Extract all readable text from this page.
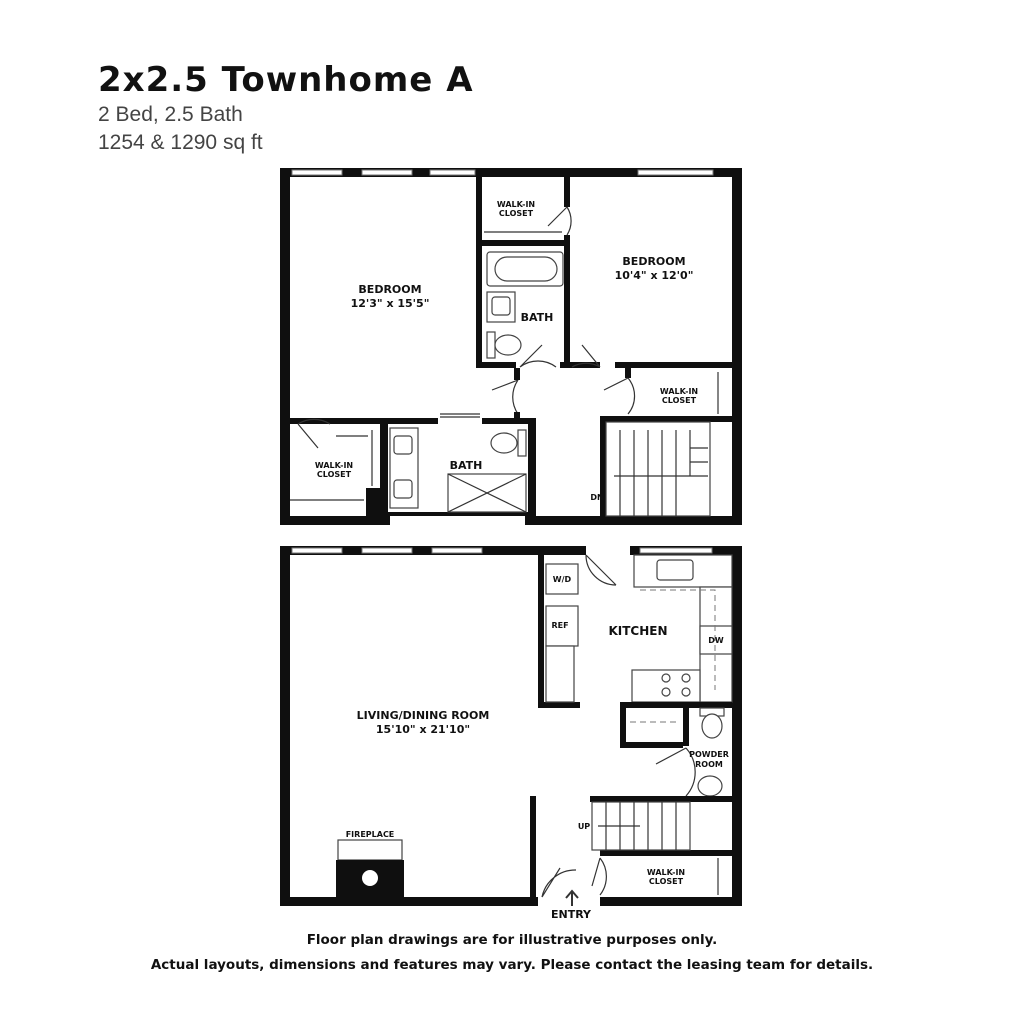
2x2.5 Townhome A
2 Bed, 2.5 Bath
1254 & 1290 sq ft
BEDROOM
12'3" x 15'5"
BEDROOM
10'4" x 12'0"
BATH
BATH
WALK-IN
CLOSET
WALK-IN
CLOSET
WALK-IN
CLOSET
DN
LIVING/DINING ROOM
15'10" x 21'10"
KITCHEN
POWDER
ROOM
WALK-IN
CLOSET
FIREPLACE
W/D
REF
DW
UP
ENTRY
Floor plan drawings are for illustrative purposes only.
Actual layouts, dimensions and features may vary. Please contact the leasing team for details.
